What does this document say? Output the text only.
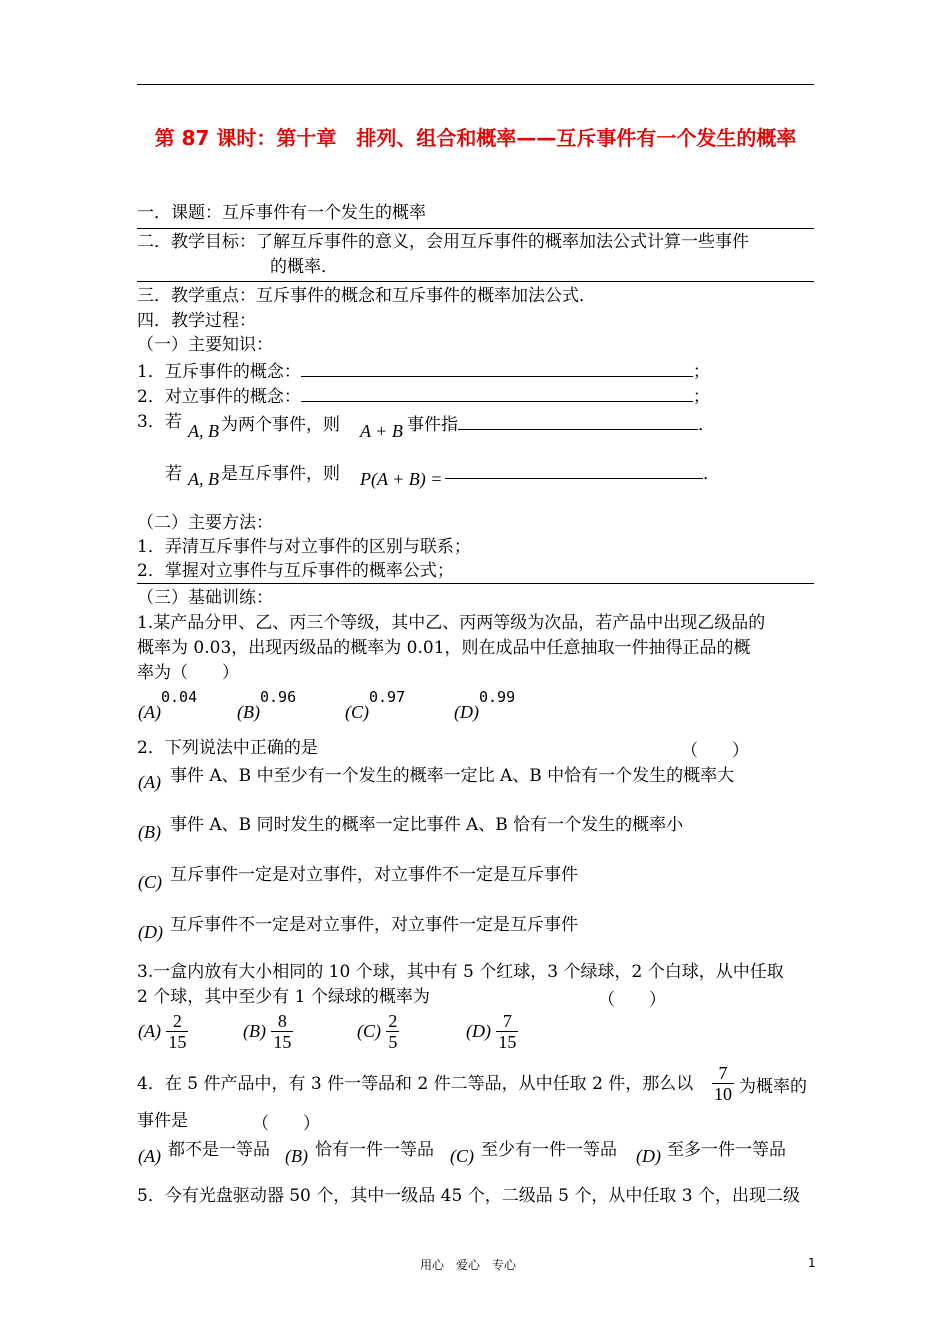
第 87 课时：第十章　排列、组合和概率——互斥事件有一个发生的概率
一．课题：互斥事件有一个发生的概率
二．教学目标：了解互斥事件的意义，会用互斥事件的概率加法公式计算一些事件
的概率．
三．教学重点：互斥事件的概念和互斥事件的概率加法公式．
四．教学过程：
（一）主要知识：
1．互斥事件的概念：	；
2．对立事件的概念：	；
3．若 A, B 为两个事件，则 A + B 事件指	．
若 A, B 是互斥事件，则 P(A + B) =	．
（二）主要方法：
1．弄清互斥事件与对立事件的区别与联系；
2．掌握对立事件与互斥事件的概率公式；
（三）基础训练：
1.某产品分甲、乙、丙三个等级，其中乙、丙两等级为次品，若产品中出现乙级品的
概率为 0.03，出现丙级品的概率为 0.01，则在成品中任意抽取一件抽得正品的概
率为（　　）
(A)0.04
(B)0.96
(C)0.97
(D)0.99
2．下列说法中正确的是	（　　）
(A) 事件 A、B 中至少有一个发生的概率一定比 A、B 中恰有一个发生的概率大
(B) 事件 A、B 同时发生的概率一定比事件 A、B 恰有一个发生的概率小
(C) 互斥事件一定是对立事件，对立事件不一定是互斥事件
(D) 互斥事件不一定是对立事件，对立事件一定是互斥事件
3.一盒内放有大小相同的 10 个球，其中有 5 个红球，3 个绿球，2 个白球，从中任取
2 个球，其中至少有 1 个绿球的概率为	（　　）
$(A) \frac{2}{15}$	$(B) \frac{8}{15}$	$(C) \frac{2}{5}$	$(D) \frac{7}{15}$
4．在 5 件产品中，有 3 件一等品和 2 件二等品，从中任取 2 件，那么以 $\frac{7}{10}$ 为概率的
事件是	（　　）
(A) 都不是一等品 (B) 恰有一件一等品 (C) 至少有一件一等品 (D) 至多一件一等品
5．今有光盘驱动器 50 个，其中一级品 45 个，二级品 5 个，从中任取 3 个，出现二级
用心　爱心　专心	1
